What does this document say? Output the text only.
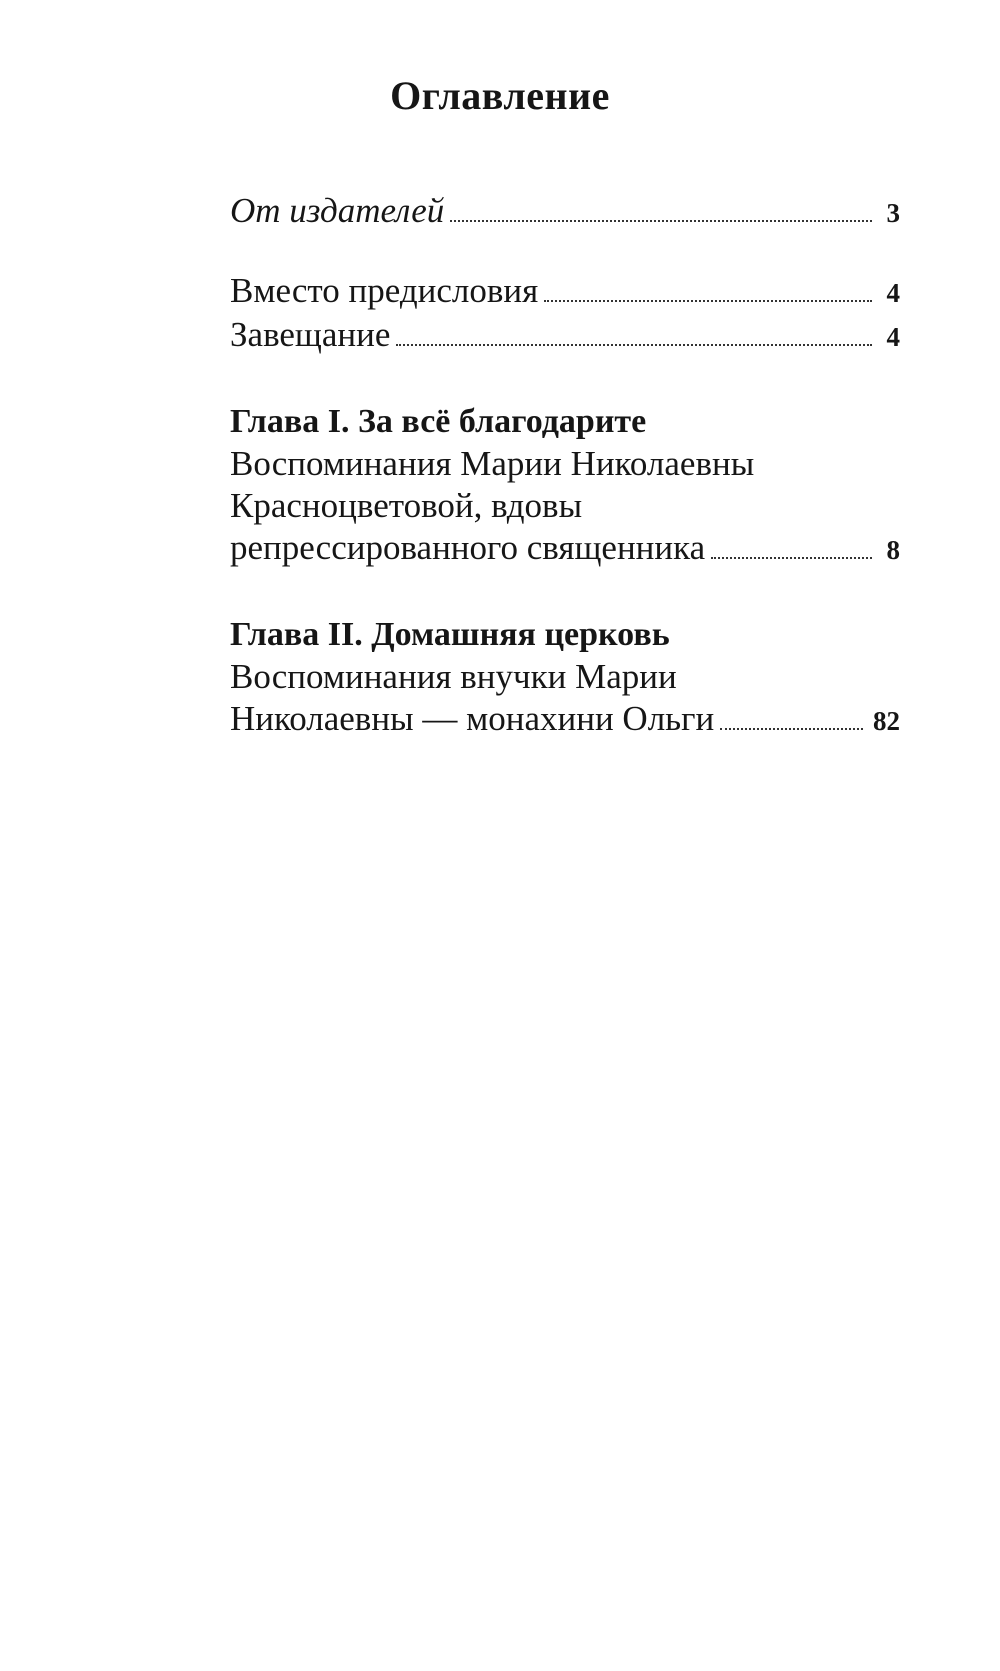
Оглавление
От издателей	3
Вместо предисловия	4
Завещание	4
Глава I. За всё благодарите
Воспоминания Марии Николаевны
Красноцветовой, вдовы
репрессированного священника	8
Глава II. Домашняя церковь
Воспоминания внучки Марии
Николаевны — монахини Ольги	82
